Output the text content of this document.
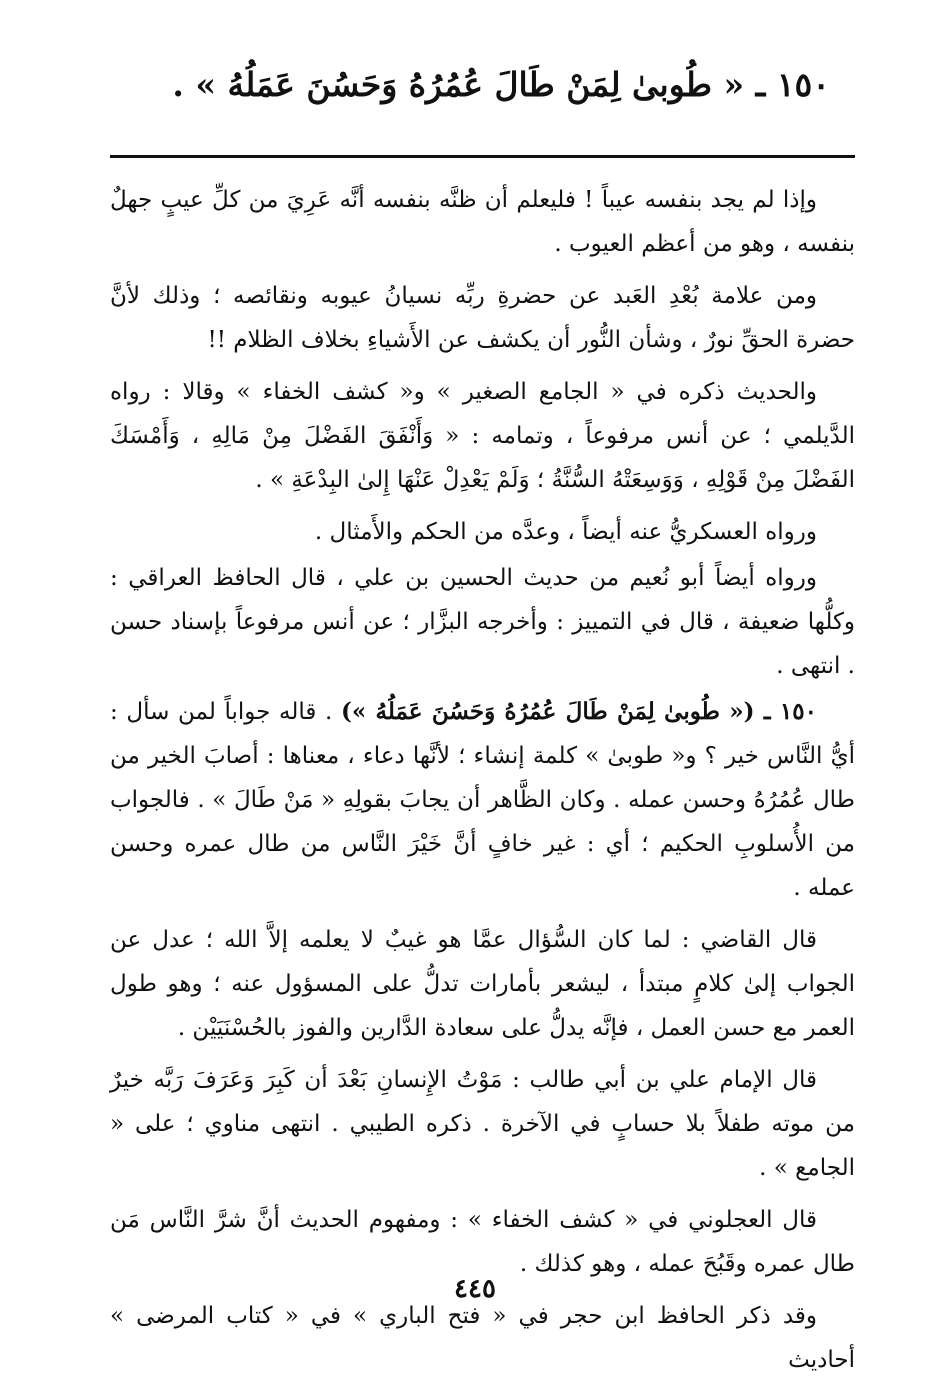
١٥٠ ـ « طُوبىٰ لِمَنْ طَالَ عُمُرُهُ وَحَسُنَ عَمَلُهُ » .

وإذا لم يجد بنفسه عيباً ! فليعلم أن ظنَّه بنفسه أنَّه عَرِيَ من كلِّ عيبٍ جهلٌ بنفسه ، وهو من أعظم العيوب .

ومن علامة بُعْدِ العَبد عن حضرةِ ربِّه نسيانُ عيوبه ونقائصه ؛ وذلك لأنَّ حضرة الحقِّ نورٌ ، وشأن النُّور أن يكشف عن الأَشياءِ بخلاف الظلام !!

والحديث ذكره في « الجامع الصغير » و« كشف الخفاء » وقالا : رواه الدَّيلمي ؛ عن أنس مرفوعاً ، وتمامه : « وَأَنْفَقَ الفَضْلَ مِنْ مَالِهِ ، وَأَمْسَكَ الفَضْلَ مِنْ قَوْلِهِ ، وَوَسِعَتْهُ السُّنَّةُ ؛ وَلَمْ يَعْدِلْ عَنْهَا إِلىٰ البِدْعَةِ » .

ورواه العسكريُّ عنه أيضاً ، وعدَّه من الحكم والأَمثال .

ورواه أيضاً أبو نُعيم من حديث الحسين بن علي ، قال الحافظ العراقي : وكلُّها ضعيفة ، قال في التمييز : وأخرجه البزَّار ؛ عن أنس مرفوعاً بإسناد حسن . انتهى .

١٥٠ ـ (« طُوبىٰ لِمَنْ طَالَ عُمُرُهُ وَحَسُنَ عَمَلُهُ ») . قاله جواباً لمن سأل : أيُّ النَّاس خير ؟ و« طوبىٰ » كلمة إنشاء ؛ لأنَّها دعاء ، معناها : أصابَ الخير من طال عُمُرُهُ وحسن عمله . وكان الظَّاهر أن يجابَ بقولِهِ « مَنْ طَالَ » . فالجواب من الأُسلوبِ الحكيم ؛ أي : غير خافٍ أنَّ خَيْرَ النَّاس من طال عمره وحسن عمله .

قال القاضي : لما كان السُّؤال عمَّا هو غيبٌ لا يعلمه إلاَّ الله ؛ عدل عن الجواب إلىٰ كلامٍ مبتدأ ، ليشعر بأمارات تدلُّ على المسؤول عنه ؛ وهو طول العمر مع حسن العمل ، فإنَّه يدلُّ على سعادة الدَّارين والفوز بالحُسْنَيَيْن .

قال الإمام علي بن أبي طالب : مَوْتُ الإِنسانِ بَعْدَ أن كَبِرَ وَعَرَفَ رَبَّه خيرٌ من موته طفلاً بلا حسابٍ في الآخرة . ذكره الطيبي . انتهى مناوي ؛ على « الجامع » .

قال العجلوني في « كشف الخفاء » : ومفهوم الحديث أنَّ شرَّ النَّاس مَن طال عمره وقَبُحَ عمله ، وهو كذلك .

وقد ذكر الحافظ ابن حجر في « فتح الباري » في « كتاب المرضى » أحاديث

٤٤٥
